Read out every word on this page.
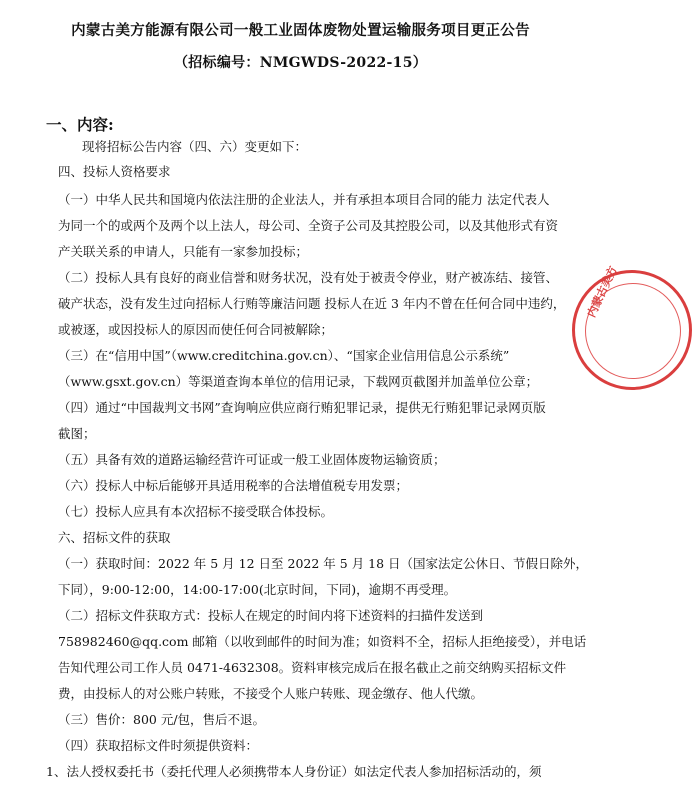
内蒙古美方能源有限公司一般工业固体废物处置运输服务项目更正公告
（招标编号：NMGWDS-2022-15）
一、内容:
现将招标公告内容（四、六）变更如下：
四、投标人资格要求
（一）中华人民共和国境内依法注册的企业法人，并有承担本项目合同的能力 法定代表人
为同一个的或两个及两个以上法人，母公司、全资子公司及其控股公司，以及其他形式有资
产关联关系的申请人，只能有一家参加投标；
（二）投标人具有良好的商业信誉和财务状况，没有处于被责令停业，财产被冻结、接管、
破产状态，没有发生过向招标人行贿等廉洁问题 投标人在近 3 年内不曾在任何合同中违约，
或被逐，或因投标人的原因而使任何合同被解除；
（三）在“信用中国”（www.creditchina.gov.cn）、“国家企业信用信息公示系统”
（www.gsxt.gov.cn）等渠道查询本单位的信用记录，下载网页截图并加盖单位公章；
（四）通过“中国裁判文书网”查询响应供应商行贿犯罪记录，提供无行贿犯罪记录网页版
截图；
（五）具备有效的道路运输经营许可证或一般工业固体废物运输资质；
（六）投标人中标后能够开具适用税率的合法增值税专用发票；
（七）投标人应具有本次招标不接受联合体投标。
六、招标文件的获取
（一）获取时间：2022 年 5 月 12 日至 2022 年 5 月 18 日（国家法定公休日、节假日除外，
下同），9:00-12:00，14:00-17:00(北京时间，下同)，逾期不再受理。
（二）招标文件获取方式：投标人在规定的时间内将下述资料的扫描件发送到
758982460@qq.com 邮箱（以收到邮件的时间为准；如资料不全，招标人拒绝接受），并电话
告知代理公司工作人员 0471-4632308。资料审核完成后在报名截止之前交纳购买招标文件
费，由投标人的对公账户转账，不接受个人账户转账、现金缴存、他人代缴。
（三）售价：800 元/包，售后不退。
（四）获取招标文件时须提供资料：
1、法人授权委托书（委托代理人必须携带本人身份证）如法定代表人参加招标活动的，须
内蒙古美方
